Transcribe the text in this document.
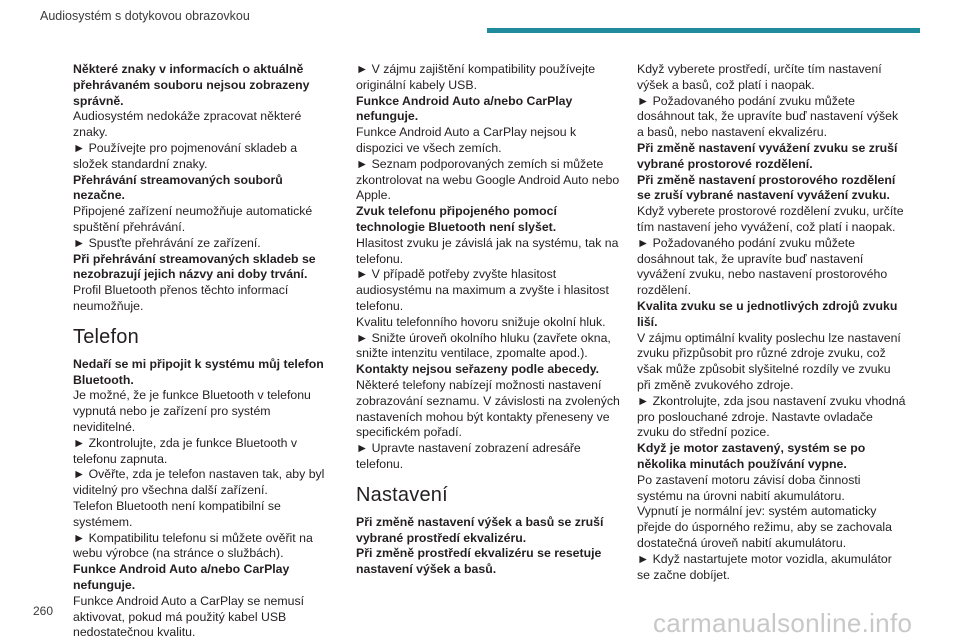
Audiosystém s dotykovou obrazovkou

Některé znaky v informacích o aktuálně přehrávaném souboru nejsou zobrazeny správně.

Audiosystém nedokáže zpracovat některé znaky.

► Používejte pro pojmenování skladeb a složek standardní znaky.

Přehrávání streamovaných souborů nezačne.

Připojené zařízení neumožňuje automatické spuštění přehrávání.

► Spusťte přehrávání ze zařízení.

Při přehrávání streamovaných skladeb se nezobrazují jejich názvy ani doby trvání.

Profil Bluetooth přenos těchto informací neumožňuje.

Telefon

Nedaří se mi připojit k systému můj telefon Bluetooth.

Je možné, že je funkce Bluetooth v telefonu vypnutá nebo je zařízení pro systém neviditelné.

► Zkontrolujte, zda je funkce Bluetooth v telefonu zapnuta.

► Ověřte, zda je telefon nastaven tak, aby byl viditelný pro všechna další zařízení.

Telefon Bluetooth není kompatibilní se systémem.

► Kompatibilitu telefonu si můžete ověřit na webu výrobce (na stránce o službách).

Funkce Android Auto a/nebo CarPlay nefunguje.

Funkce Android Auto a CarPlay se nemusí aktivovat, pokud má použitý kabel USB nedostatečnou kvalitu.

► V zájmu zajištění kompatibility používejte originální kabely USB.

Funkce Android Auto a/nebo CarPlay nefunguje.

Funkce Android Auto a CarPlay nejsou k dispozici ve všech zemích.

► Seznam podporovaných zemích si můžete zkontrolovat na webu Google Android Auto nebo Apple.

Zvuk telefonu připojeného pomocí technologie Bluetooth není slyšet.

Hlasitost zvuku je závislá jak na systému, tak na telefonu.

► V případě potřeby zvyšte hlasitost audiosystému na maximum a zvyšte i hlasitost telefonu.

Kvalitu telefonního hovoru snižuje okolní hluk.

► Snižte úroveň okolního hluku (zavřete okna, snižte intenzitu ventilace, zpomalte apod.).

Kontakty nejsou seřazeny podle abecedy.

Některé telefony nabízejí možnosti nastavení zobrazování seznamu. V závislosti na zvolených nastaveních mohou být kontakty přeneseny ve specifickém pořadí.

► Upravte nastavení zobrazení adresáře telefonu.

Nastavení

Při změně nastavení výšek a basů se zruší vybrané prostředí ekvalizéru.

Při změně prostředí ekvalizéru se resetuje nastavení výšek a basů.

Když vyberete prostředí, určíte tím nastavení výšek a basů, což platí i naopak.

► Požadovaného podání zvuku můžete dosáhnout tak, že upravíte buď nastavení výšek a basů, nebo nastavení ekvalizéru.

Při změně nastavení vyvážení zvuku se zruší vybrané prostorové rozdělení.

Při změně nastavení prostorového rozdělení se zruší vybrané nastavení vyvážení zvuku.

Když vyberete prostorové rozdělení zvuku, určíte tím nastavení jeho vyvážení, což platí i naopak.

► Požadovaného podání zvuku můžete dosáhnout tak, že upravíte buď nastavení vyvážení zvuku, nebo nastavení prostorového rozdělení.

Kvalita zvuku se u jednotlivých zdrojů zvuku liší.

V zájmu optimální kvality poslechu lze nastavení zvuku přizpůsobit pro různé zdroje zvuku, což však může způsobit slyšitelné rozdíly ve zvuku při změně zvukového zdroje.

► Zkontrolujte, zda jsou nastavení zvuku vhodná pro poslouchané zdroje. Nastavte ovladače zvuku do střední pozice.

Když je motor zastavený, systém se po několika minutách používání vypne.

Po zastavení motoru závisí doba činnosti systému na úrovni nabití akumulátoru.

Vypnutí je normální jev: systém automaticky přejde do úsporného režimu, aby se zachovala dostatečná úroveň nabití akumulátoru.

► Když nastartujete motor vozidla, akumulátor se začne dobíjet.

260	carmanualsonline.info
